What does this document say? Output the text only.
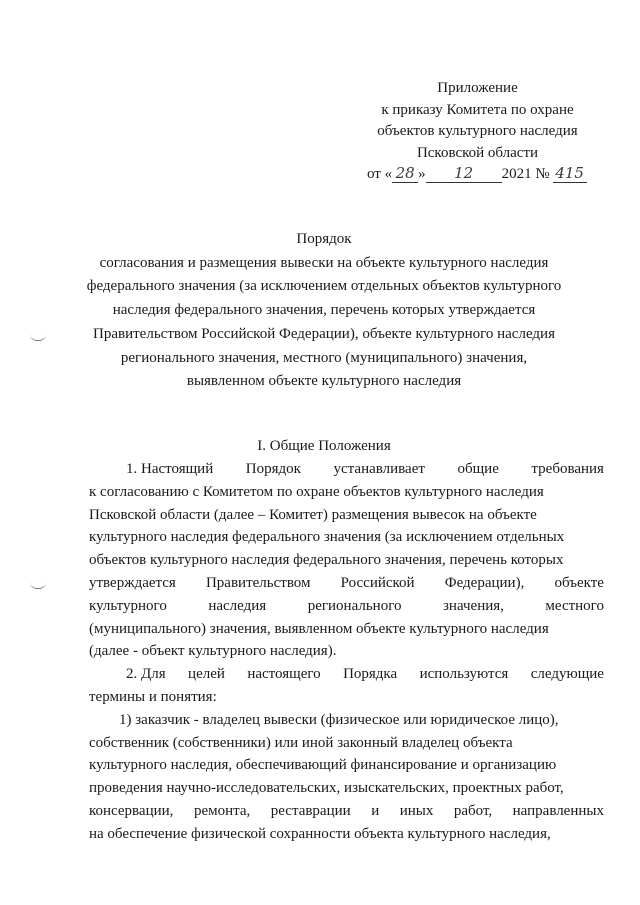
Приложение
к приказу Комитета по охране
объектов культурного наследия
Псковской области
от « 28 » 12 2021 № 415
Порядок
согласования и размещения вывески на объекте культурного наследия
федерального значения (за исключением отдельных объектов культурного
наследия федерального значения, перечень которых утверждается
Правительством Российской Федерации), объекте культурного наследия
регионального значения, местного (муниципального) значения,
выявленном объекте культурного наследия
I. Общие Положения
1. Настоящий Порядок устанавливает общие требования
к согласованию с Комитетом по охране объектов культурного наследия
Псковской области (далее – Комитет) размещения вывесок на объекте
культурного наследия федерального значения (за исключением отдельных
объектов культурного наследия федерального значения, перечень которых
утверждается Правительством Российской Федерации), объекте
культурного	наследия	регионального	значения,	местного
(муниципального) значения, выявленном объекте культурного наследия
(далее - объект культурного наследия).
2. Для целей настоящего Порядка используются следующие
термины и понятия:
1) заказчик - владелец вывески (физическое или юридическое лицо),
собственник (собственники) или иной законный владелец объекта
культурного наследия, обеспечивающий финансирование и организацию
проведения научно-исследовательских, изыскательских, проектных работ,
консервации, ремонта, реставрации и иных работ, направленных
на обеспечение физической сохранности объекта культурного наследия,
